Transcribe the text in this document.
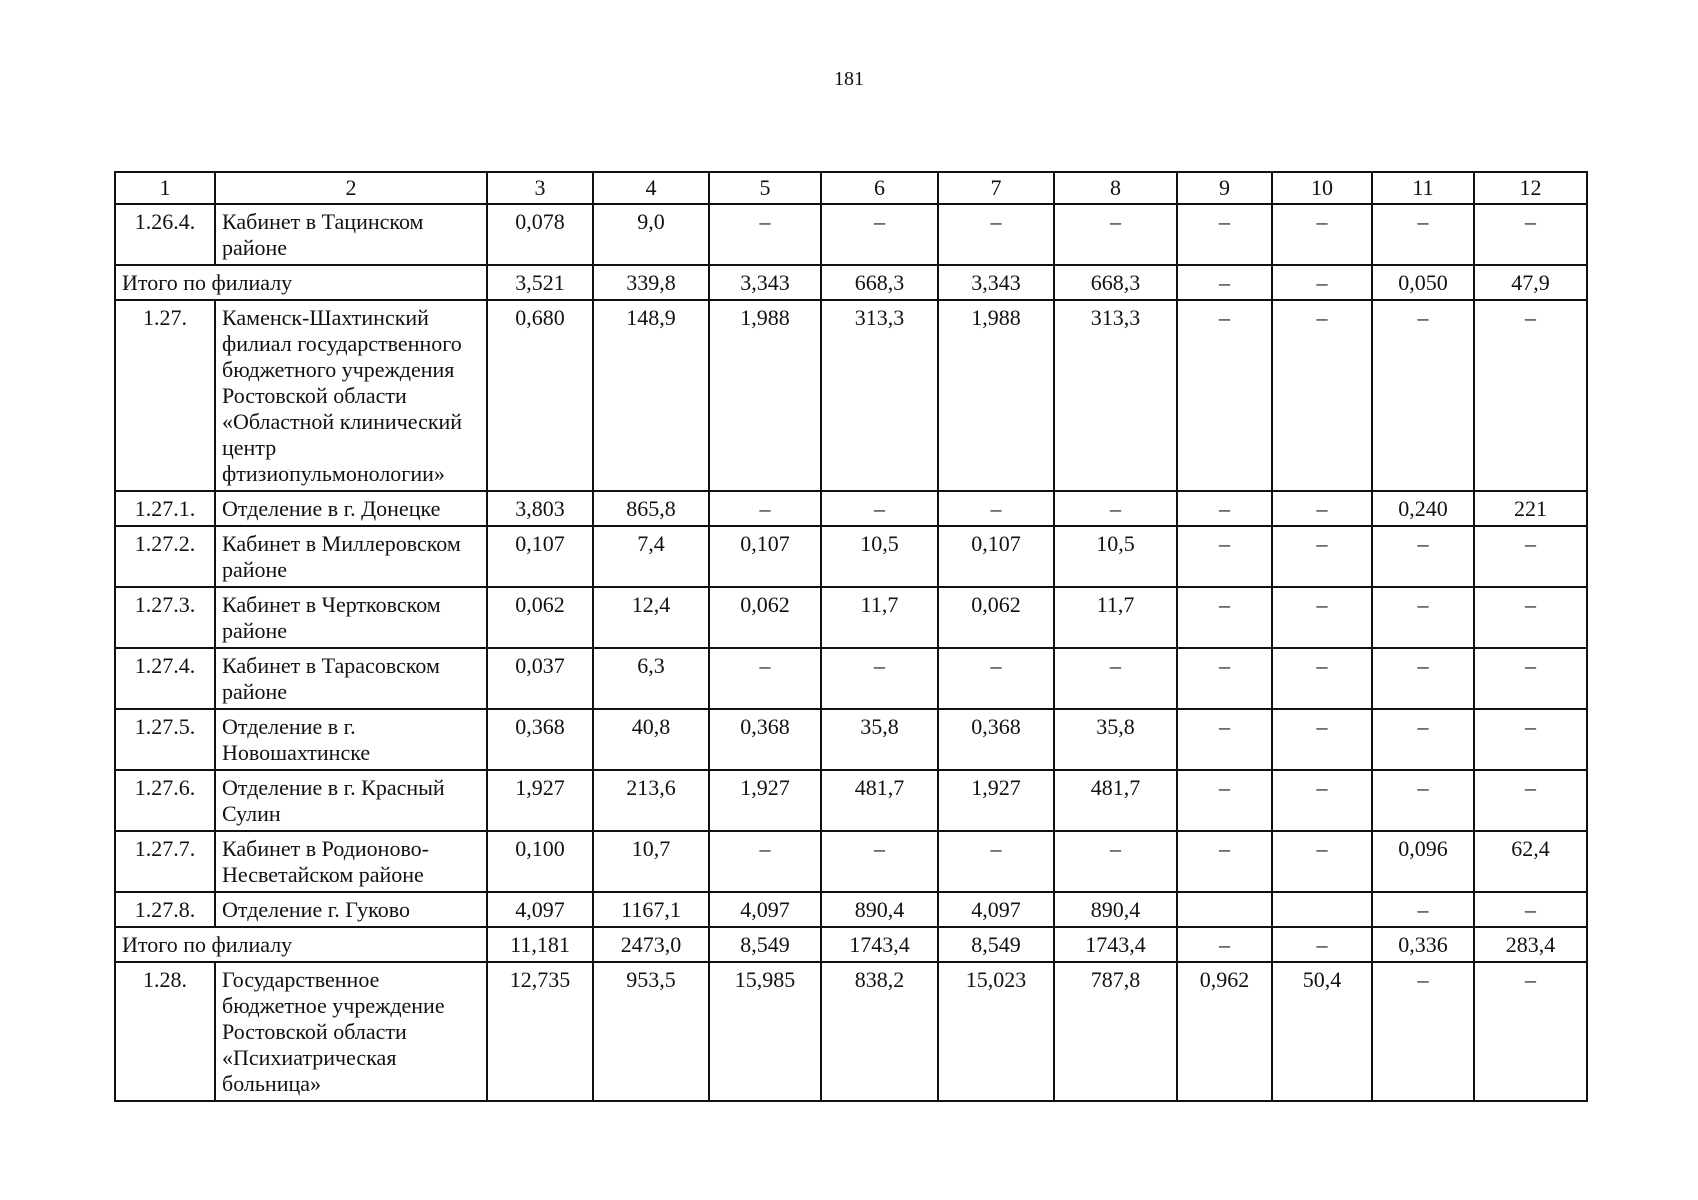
181
1	2	3	4	5	6	7	8	9	10	11	12
1.26.4.	Кабинет в Тацинском районе	0,078	9,0	–	–	–	–	–	–	–	–
Итого по филиалу		3,521	339,8	3,343	668,3	3,343	668,3	–	–	0,050	47,9
1.27.	Каменск-Шахтинский филиал государственного бюджетного учреждения Ростовской области «Областной клинический центр фтизиопульмонологии»	0,680	148,9	1,988	313,3	1,988	313,3	–	–	–	–
1.27.1.	Отделение в г. Донецке	3,803	865,8	–	–	–	–	–	–	0,240	221
1.27.2.	Кабинет в Миллеровском районе	0,107	7,4	0,107	10,5	0,107	10,5	–	–	–	–
1.27.3.	Кабинет в Чертковском районе	0,062	12,4	0,062	11,7	0,062	11,7	–	–	–	–
1.27.4.	Кабинет в Тарасовском районе	0,037	6,3	–	–	–	–	–	–	–	–
1.27.5.	Отделение в г. Новошахтинске	0,368	40,8	0,368	35,8	0,368	35,8	–	–	–	–
1.27.6.	Отделение в г. Красный Сулин	1,927	213,6	1,927	481,7	1,927	481,7	–	–	–	–
1.27.7.	Кабинет в Родионово-Несветайском районе	0,100	10,7	–	–	–	–	–	–	0,096	62,4
1.27.8.	Отделение г. Гуково	4,097	1167,1	4,097	890,4	4,097	890,4			–	–
Итого по филиалу		11,181	2473,0	8,549	1743,4	8,549	1743,4	–	–	0,336	283,4
1.28.	Государственное бюджетное учреждение Ростовской области «Психиатрическая больница»	12,735	953,5	15,985	838,2	15,023	787,8	0,962	50,4	–	–
